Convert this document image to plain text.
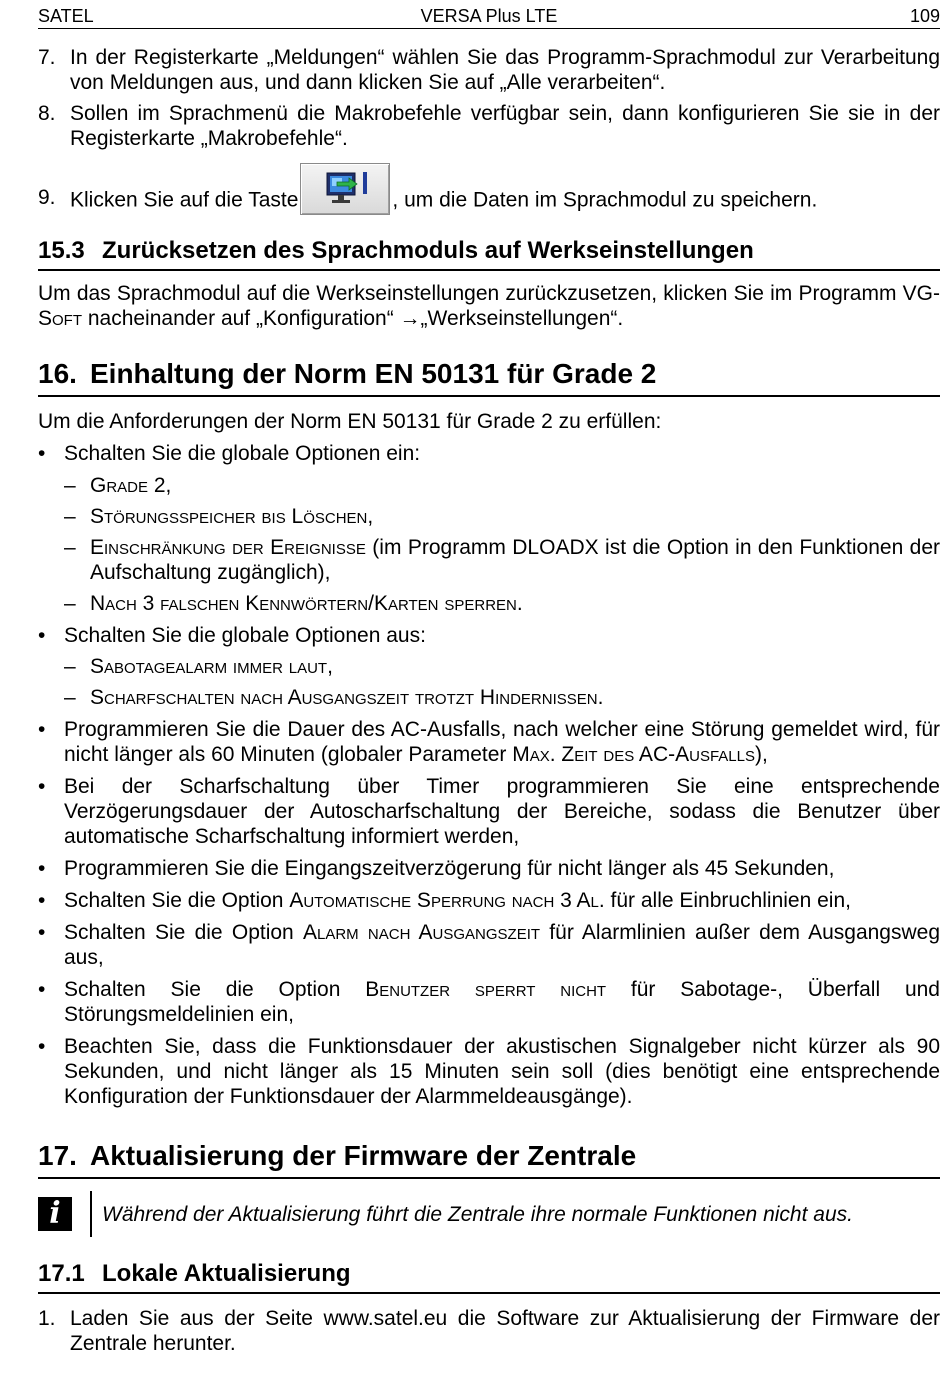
SATEL	VERSA Plus LTE	109
7. In der Registerkarte „Meldungen“ wählen Sie das Programm-Sprachmodul zur Verarbeitung von Meldungen aus, und dann klicken Sie auf „Alle verarbeiten“.
8. Sollen im Sprachmenü die Makrobefehle verfügbar sein, dann konfigurieren Sie sie in der Registerkarte „Makrobefehle“.
9. Klicken Sie auf die Taste	, um die Daten im Sprachmodul zu speichern.
15.3 Zurücksetzen des Sprachmoduls auf Werkseinstellungen
Um das Sprachmodul auf die Werkseinstellungen zurückzusetzen, klicken Sie im Programm VG-Soft nacheinander auf „Konfiguration“ →„Werkseinstellungen“.
16. Einhaltung der Norm EN 50131 für Grade 2
Um die Anforderungen der Norm EN 50131 für Grade 2 zu erfüllen:
• Schalten Sie die globale Optionen ein:
– Grade 2,
– Störungsspeicher bis Löschen,
– Einschränkung der Ereignisse (im Programm DLOADX ist die Option in den Funktionen der Aufschaltung zugänglich),
– Nach 3 falschen Kennwörtern/Karten sperren.
• Schalten Sie die globale Optionen aus:
– Sabotagealarm immer laut,
– Scharfschalten nach Ausgangszeit trotzt Hindernissen.
• Programmieren Sie die Dauer des AC-Ausfalls, nach welcher eine Störung gemeldet wird, für nicht länger als 60 Minuten (globaler Parameter Max. Zeit des AC-Ausfalls),
• Bei der Scharfschaltung über Timer programmieren Sie eine entsprechende Verzögerungsdauer der Autoscharfschaltung der Bereiche, sodass die Benutzer über automatische Scharfschaltung informiert werden,
• Programmieren Sie die Eingangszeitverzögerung für nicht länger als 45 Sekunden,
• Schalten Sie die Option Automatische Sperrung nach 3 Al. für alle Einbruchlinien ein,
• Schalten Sie die Option Alarm nach Ausgangszeit für Alarmlinien außer dem Ausgangsweg aus,
• Schalten Sie die Option Benutzer sperrt nicht für Sabotage-, Überfall und Störungsmeldelinien ein,
• Beachten Sie, dass die Funktionsdauer der akustischen Signalgeber nicht kürzer als 90 Sekunden, und nicht länger als 15 Minuten sein soll (dies benötigt eine entsprechende Konfiguration der Funktionsdauer der Alarmmeldeausgänge).
17. Aktualisierung der Firmware der Zentrale
i	Während der Aktualisierung führt die Zentrale ihre normale Funktionen nicht aus.
17.1 Lokale Aktualisierung
1. Laden Sie aus der Seite www.satel.eu die Software zur Aktualisierung der Firmware der Zentrale herunter.
